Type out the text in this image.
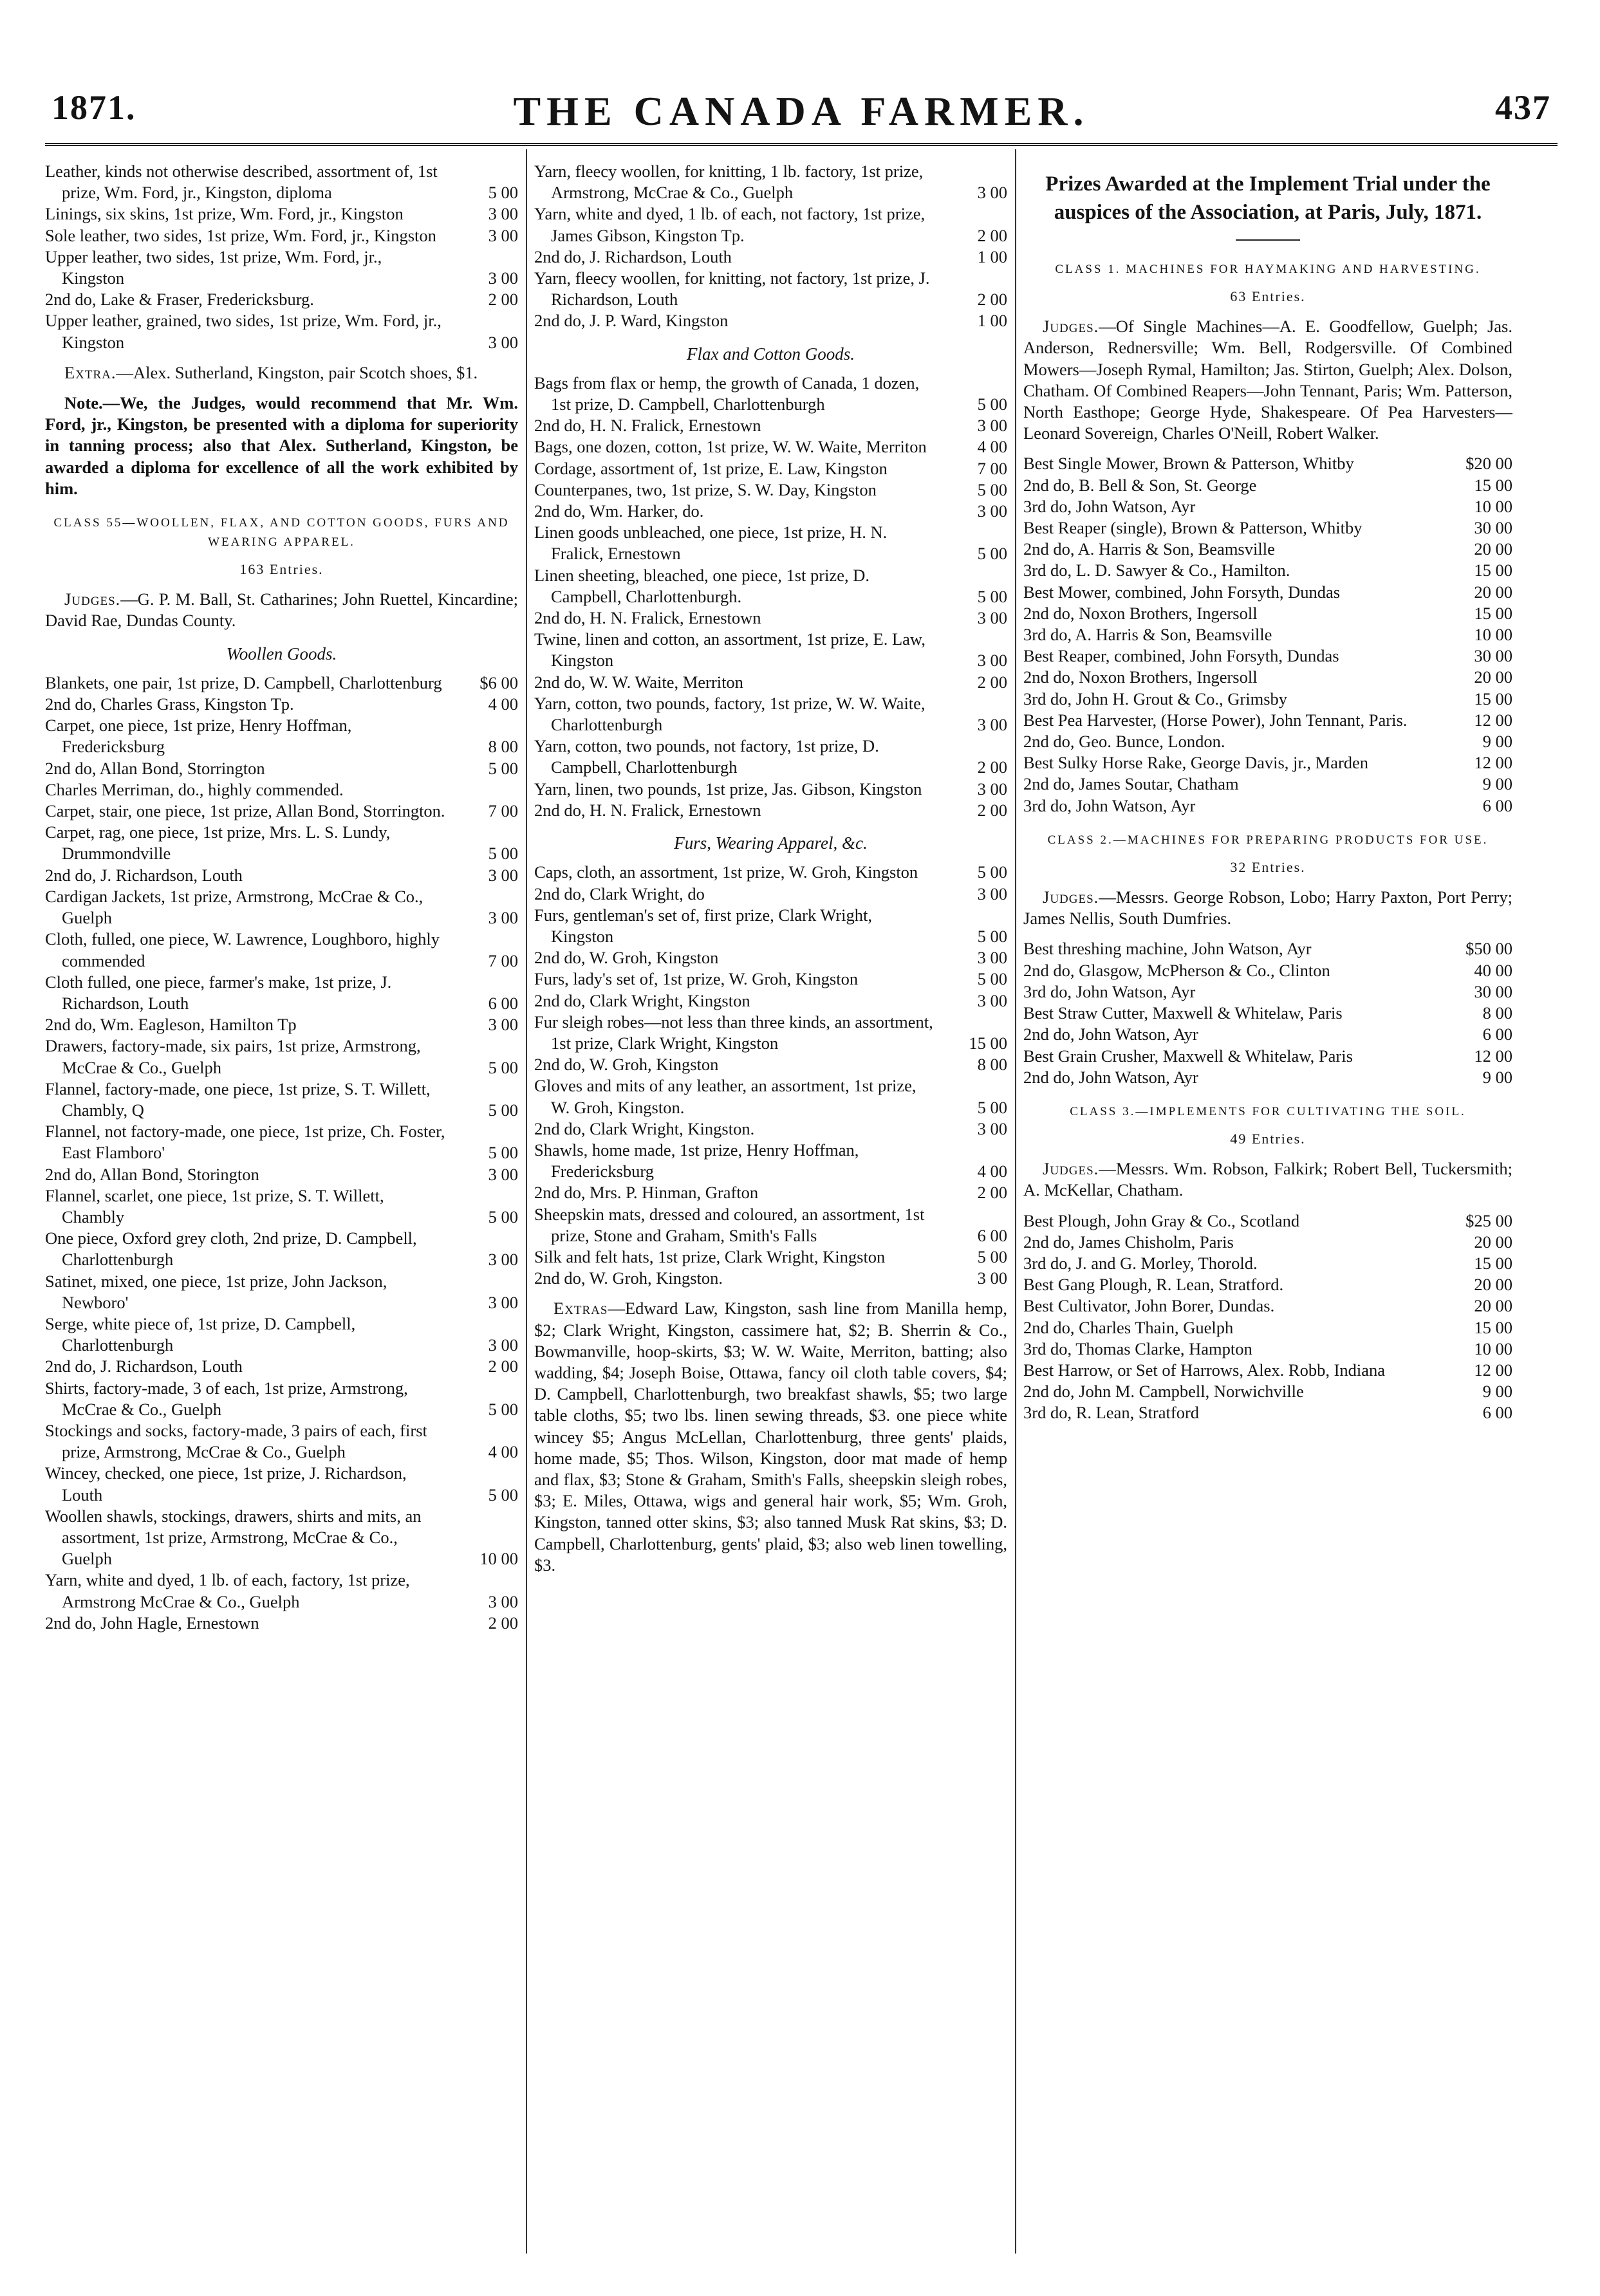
1871.	THE CANADA FARMER.	437

Leather, kinds not otherwise described, assortment of, 1st prize, Wm. Ford, jr., Kingston, diploma	5 00

Linings, six skins, 1st prize, Wm. Ford, jr., Kingston	3 00

Sole leather, two sides, 1st prize, Wm. Ford, jr., Kingston	3 00

Upper leather, two sides, 1st prize, Wm. Ford, jr., Kingston	3 00

2nd do, Lake & Fraser, Fredericksburg.	2 00

Upper leather, grained, two sides, 1st prize, Wm. Ford, jr., Kingston	3 00

Extra.—Alex. Sutherland, Kingston, pair Scotch shoes, $1.

Note.—We, the Judges, would recommend that Mr. Wm. Ford, jr., Kingston, be presented with a diploma for superiority in tanning process; also that Alex. Sutherland, Kingston, be awarded a diploma for excellence of all the work exhibited by him.

CLASS 55—WOOLLEN, FLAX, AND COTTON GOODS, FURS AND WEARING APPAREL.
163 Entries.

Judges.—G. P. M. Ball, St. Catharines; John Ruettel, Kincardine; David Rae, Dundas County.

Woollen Goods.

Blankets, one pair, 1st prize, D. Campbell, Charlottenburg $6 00

2nd do, Charles Grass, Kingston Tp.	4 00

Carpet, one piece, 1st prize, Henry Hoffman, Fredericksburg	8 00

2nd do, Allan Bond, Storrington	5 00

Charles Merriman, do., highly commended.

Carpet, stair, one piece, 1st prize, Allan Bond, Storrington.	7 00

Carpet, rag, one piece, 1st prize, Mrs. L. S. Lundy, Drummondville	5 00

2nd do, J. Richardson, Louth	3 00

Cardigan Jackets, 1st prize, Armstrong, McCrae & Co., Guelph	3 00

Cloth, fulled, one piece, W. Lawrence, Loughboro, highly commended	7 00

Cloth fulled, one piece, farmer's make, 1st prize, J. Richardson, Louth	6 00

2nd do, Wm. Eagleson, Hamilton Tp	3 00

Drawers, factory-made, six pairs, 1st prize, Armstrong, McCrae & Co., Guelph	5 00

Flannel, factory-made, one piece, 1st prize, S. T. Willett, Chambly, Q	5 00

Flannel, not factory-made, one piece, 1st prize, Ch. Foster, East Flamboro'	5 00

2nd do, Allan Bond, Storington	3 00

Flannel, scarlet, one piece, 1st prize, S. T. Willett, Chambly	5 00

One piece, Oxford grey cloth, 2nd prize, D. Campbell, Charlottenburgh	3 00

Satinet, mixed, one piece, 1st prize, John Jackson, Newboro'	3 00

Serge, white piece of, 1st prize, D. Campbell, Charlottenburgh	3 00

2nd do, J. Richardson, Louth	2 00

Shirts, factory-made, 3 of each, 1st prize, Armstrong, McCrae & Co., Guelph	5 00

Stockings and socks, factory-made, 3 pairs of each, first prize, Armstrong, McCrae & Co., Guelph	4 00

Wincey, checked, one piece, 1st prize, J. Richardson, Louth	5 00

Woollen shawls, stockings, drawers, shirts and mits, an assortment, 1st prize, Armstrong, McCrae & Co., Guelph	10 00

Yarn, white and dyed, 1 lb. of each, factory, 1st prize, Armstrong McCrae & Co., Guelph	3 00

2nd do, John Hagle, Ernestown	2 00

Yarn, fleecy woollen, for knitting, 1 lb. factory, 1st prize, Armstrong, McCrae & Co., Guelph	3 00

Yarn, white and dyed, 1 lb. of each, not factory, 1st prize, James Gibson, Kingston Tp.	2 00

2nd do, J. Richardson, Louth	1 00

Yarn, fleecy woollen, for knitting, not factory, 1st prize, J. Richardson, Louth	2 00

2nd do, J. P. Ward, Kingston	1 00

Flax and Cotton Goods.

Bags from flax or hemp, the growth of Canada, 1 dozen, 1st prize, D. Campbell, Charlottenburgh	5 00

2nd do, H. N. Fralick, Ernestown	3 00

Bags, one dozen, cotton, 1st prize, W. W. Waite, Merriton	4 00

Cordage, assortment of, 1st prize, E. Law, Kingston	7 00

Counterpanes, two, 1st prize, S. W. Day, Kingston	5 00

2nd do, Wm. Harker, do.	3 00

Linen goods unbleached, one piece, 1st prize, H. N. Fralick, Ernestown	5 00

Linen sheeting, bleached, one piece, 1st prize, D. Campbell, Charlottenburgh.	5 00

2nd do, H. N. Fralick, Ernestown	3 00

Twine, linen and cotton, an assortment, 1st prize, E. Law, Kingston	3 00

2nd do, W. W. Waite, Merriton	2 00

Yarn, cotton, two pounds, factory, 1st prize, W. W. Waite, Charlottenburgh	3 00

Yarn, cotton, two pounds, not factory, 1st prize, D. Campbell, Charlottenburgh	2 00

Yarn, linen, two pounds, 1st prize, Jas. Gibson, Kingston	3 00

2nd do, H. N. Fralick, Ernestown	2 00

Furs, Wearing Apparel, &c.

Caps, cloth, an assortment, 1st prize, W. Groh, Kingston	5 00

2nd do, Clark Wright, do	3 00

Furs, gentleman's set of, first prize, Clark Wright, Kingston	5 00

2nd do, W. Groh, Kingston	3 00

Furs, lady's set of, 1st prize, W. Groh, Kingston	5 00

2nd do, Clark Wright, Kingston	3 00

Fur sleigh robes—not less than three kinds, an assortment, 1st prize, Clark Wright, Kingston	15 00

2nd do, W. Groh, Kingston	8 00

Gloves and mits of any leather, an assortment, 1st prize, W. Groh, Kingston.	5 00

2nd do, Clark Wright, Kingston.	3 00

Shawls, home made, 1st prize, Henry Hoffman, Fredericksburg	4 00

2nd do, Mrs. P. Hinman, Grafton	2 00

Sheepskin mats, dressed and coloured, an assortment, 1st prize, Stone and Graham, Smith's Falls	6 00

Silk and felt hats, 1st prize, Clark Wright, Kingston	5 00

2nd do, W. Groh, Kingston.	3 00

Extras—Edward Law, Kingston, sash line from Manilla hemp, $2; Clark Wright, Kingston, cassimere hat, $2; B. Sherrin & Co., Bowmanville, hoop-skirts, $3; W. W. Waite, Merriton, batting; also wadding, $4; Joseph Boise, Ottawa, fancy oil cloth table covers, $4; D. Campbell, Charlottenburgh, two breakfast shawls, $5; two large table cloths, $5; two lbs. linen sewing threads, $3. one piece white wincey $5; Angus McLellan, Charlottenburg, three gents' plaids, home made, $5; Thos. Wilson, Kingston, door mat made of hemp and flax, $3; Stone & Graham, Smith's Falls, sheepskin sleigh robes, $3; E. Miles, Ottawa, wigs and general hair work, $5; Wm. Groh, Kingston, tanned otter skins, $3; also tanned Musk Rat skins, $3; D. Campbell, Charlottenburg, gents' plaid, $3; also web linen towelling, $3.

Prizes Awarded at the Implement Trial under the auspices of the Association, at Paris, July, 1871.
CLASS 1. MACHINES FOR HAYMAKING AND HARVESTING.
63 Entries.

Judges.—Of Single Machines—A. E. Goodfellow, Guelph; Jas. Anderson, Rednersville; Wm. Bell, Rodgersville. Of Combined Mowers—Joseph Rymal, Hamilton; Jas. Stirton, Guelph; Alex. Dolson, Chatham. Of Combined Reapers—John Tennant, Paris; Wm. Patterson, North Easthope; George Hyde, Shakespeare. Of Pea Harvesters—Leonard Sovereign, Charles O'Neill, Robert Walker.

Best Single Mower, Brown & Patterson, Whitby	$20 00

2nd do, B. Bell & Son, St. George	15 00

3rd do, John Watson, Ayr	10 00

Best Reaper (single), Brown & Patterson, Whitby	30 00

2nd do, A. Harris & Son, Beamsville	20 00

3rd do, L. D. Sawyer & Co., Hamilton.	15 00

Best Mower, combined, John Forsyth, Dundas	20 00

2nd do, Noxon Brothers, Ingersoll	15 00

3rd do, A. Harris & Son, Beamsville	10 00

Best Reaper, combined, John Forsyth, Dundas	30 00

2nd do, Noxon Brothers, Ingersoll	20 00

3rd do, John H. Grout & Co., Grimsby	15 00

Best Pea Harvester, (Horse Power), John Tennant, Paris.	12 00

2nd do, Geo. Bunce, London.	9 00

Best Sulky Horse Rake, George Davis, jr., Marden	12 00

2nd do, James Soutar, Chatham	9 00

3rd do, John Watson, Ayr	6 00

CLASS 2.—MACHINES FOR PREPARING PRODUCTS FOR USE.
32 Entries.

Judges.—Messrs. George Robson, Lobo; Harry Paxton, Port Perry; James Nellis, South Dumfries.

Best threshing machine, John Watson, Ayr	$50 00

2nd do, Glasgow, McPherson & Co., Clinton	40 00

3rd do, John Watson, Ayr	30 00

Best Straw Cutter, Maxwell & Whitelaw, Paris	8 00

2nd do, John Watson, Ayr	6 00

Best Grain Crusher, Maxwell & Whitelaw, Paris	12 00

2nd do, John Watson, Ayr	9 00

CLASS 3.—IMPLEMENTS FOR CULTIVATING THE SOIL.
49 Entries.

Judges.—Messrs. Wm. Robson, Falkirk; Robert Bell, Tuckersmith; A. McKellar, Chatham.

Best Plough, John Gray & Co., Scotland	$25 00

2nd do, James Chisholm, Paris	20 00

3rd do, J. and G. Morley, Thorold.	15 00

Best Gang Plough, R. Lean, Stratford.	20 00

Best Cultivator, John Borer, Dundas.	20 00

2nd do, Charles Thain, Guelph	15 00

3rd do, Thomas Clarke, Hampton	10 00

Best Harrow, or Set of Harrows, Alex. Robb, Indiana	12 00

2nd do, John M. Campbell, Norwichville	9 00

3rd do, R. Lean, Stratford	6 00
